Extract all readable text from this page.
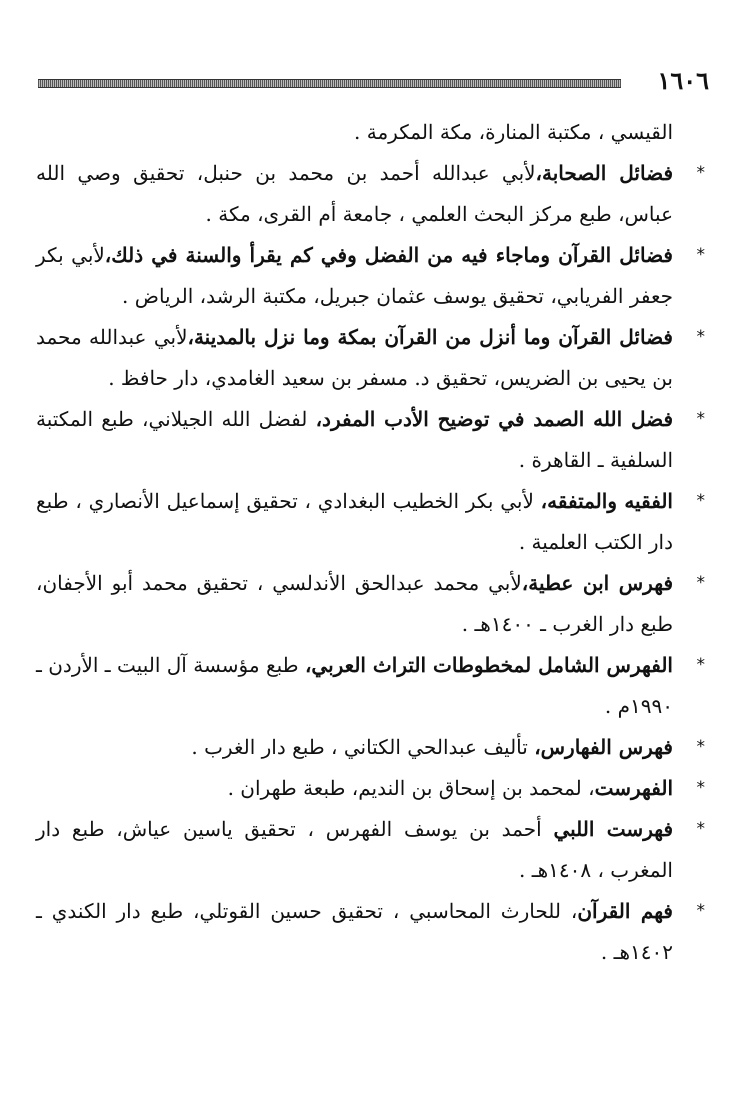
١٦٠٦
القيسي ، مكتبة المنارة، مكة المكرمة .
*
فضائل الصحابة،لأبي عبدالله أحمد بن محمد بن حنبل، تحقيق وصي الله عباس، طبع مركز البحث العلمي ، جامعة أم القرى، مكة .
*
فضائل القرآن وماجاء فيه من الفضل وفي كم يقرأ والسنة في ذلك،لأبي بكر جعفر الفريابي، تحقيق يوسف عثمان جبريل، مكتبة الرشد، الرياض .
*
فضائل القرآن وما أنزل من القرآن بمكة وما نزل بالمدينة،لأبي عبدالله محمد بن يحيى بن الضريس، تحقيق د. مسفر بن سعيد الغامدي، دار حافظ .
*
فضل الله الصمد في توضيح الأدب المفرد، لفضل الله الجيلاني، طبع المكتبة السلفية ـ القاهرة .
*
الفقيه والمتفقه، لأبي بكر الخطيب البغدادي ، تحقيق إسماعيل الأنصاري ، طبع دار الكتب العلمية .
*
فهرس ابن عطية،لأبي محمد عبدالحق الأندلسي ، تحقيق محمد أبو الأجفان، طبع دار الغرب ـ ١٤٠٠هـ .
*
الفهرس الشامل لمخطوطات التراث العربي، طبع مؤسسة آل البيت ـ الأردن ـ ١٩٩٠م .
*
فهرس الفهارس، تأليف عبدالحي الكتاني ، طبع دار الغرب .
*
الفهرست، لمحمد بن إسحاق بن النديم، طبعة طهران .
*
فهرست اللبي أحمد بن يوسف الفهرس ، تحقيق ياسين عياش، طبع دار المغرب ، ١٤٠٨هـ .
*
فهم القرآن، للحارث المحاسبي ، تحقيق حسين القوتلي، طبع دار الكندي ـ ١٤٠٢هـ .
